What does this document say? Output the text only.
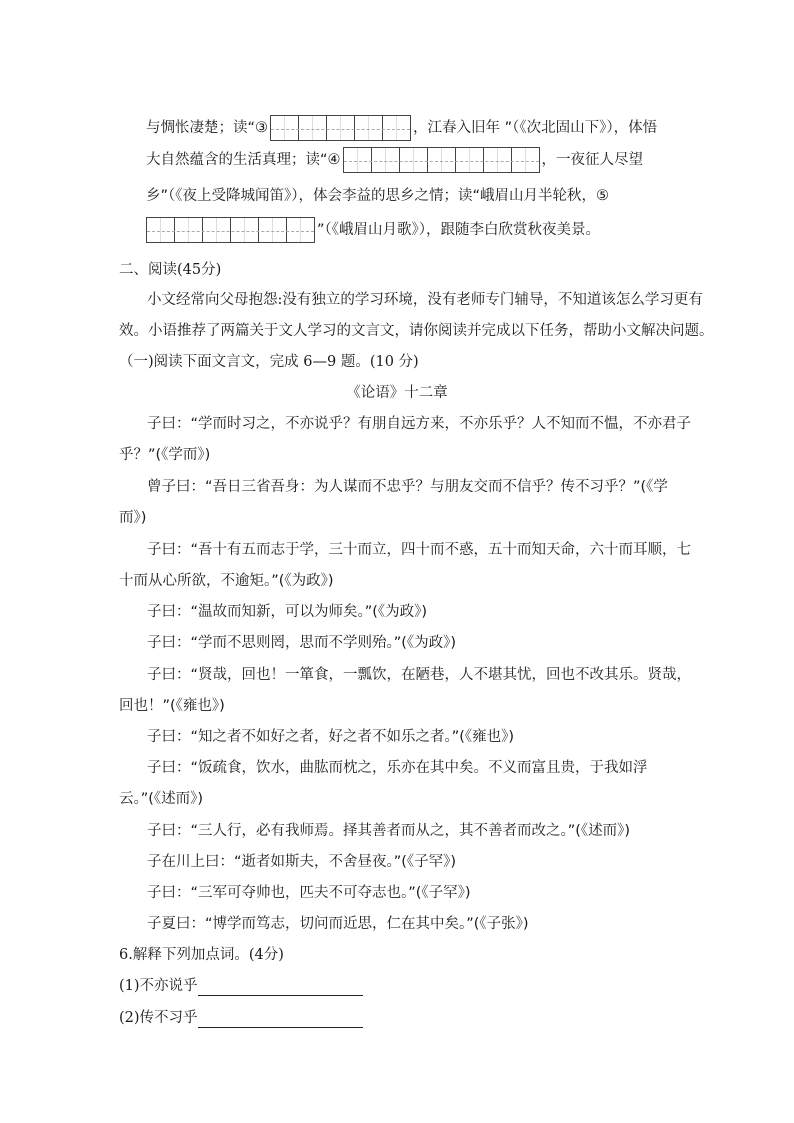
与惆怅凄楚；读“③	，江春入旧年 ”（《次北固山下》），体悟
大自然蕴含的生活真理；读“④	，一夜征人尽望
乡”（《夜上受降城闻笛》），体会李益的思乡之情；读“峨眉山月半轮秋，⑤
”（《峨眉山月歌》），跟随李白欣赏秋夜美景。
二、阅读(45分)
小文经常向父母抱怨:没有独立的学习环境，没有老师专门辅导，不知道该怎么学习更有
效。小语推荐了两篇关于文人学习的文言文，请你阅读并完成以下任务，帮助小文解决问题。
（一)阅读下面文言文，完成 6—9 题。(10 分)
《论语》十二章
子曰：“学而时习之，不亦说乎？有朋自远方来，不亦乐乎？人不知而不愠，不亦君子
乎？”(《学而》)
曾子曰：“吾日三省吾身：为人谋而不忠乎？与朋友交而不信乎？传不习乎？”(《学
而》)
子曰：“吾十有五而志于学，三十而立，四十而不惑，五十而知天命，六十而耳顺，七
十而从心所欲，不逾矩。”(《为政》)
子曰：“温故而知新，可以为师矣。”(《为政》)
子曰：“学而不思则罔，思而不学则殆。”(《为政》)
子曰：“贤哉，回也！一箪食，一瓢饮，在陋巷，人不堪其忧，回也不改其乐。贤哉，
回也！”(《雍也》)
子曰：“知之者不如好之者，好之者不如乐之者。”(《雍也》)
子曰：“饭疏食，饮水，曲肱而枕之，乐亦在其中矣。不义而富且贵，于我如浮
云。”(《述而》)
子曰：“三人行，必有我师焉。择其善者而从之，其不善者而改之。”(《述而》)
子在川上曰：“逝者如斯夫，不舍昼夜。”(《子罕》)
子曰：“三军可夺帅也，匹夫不可夺志也。”(《子罕》)
子夏曰：“博学而笃志，切问而近思，仁在其中矣。”(《子张》)
6.解释下列加点词。(4分)
(1)不亦说乎
(2)传不习乎
